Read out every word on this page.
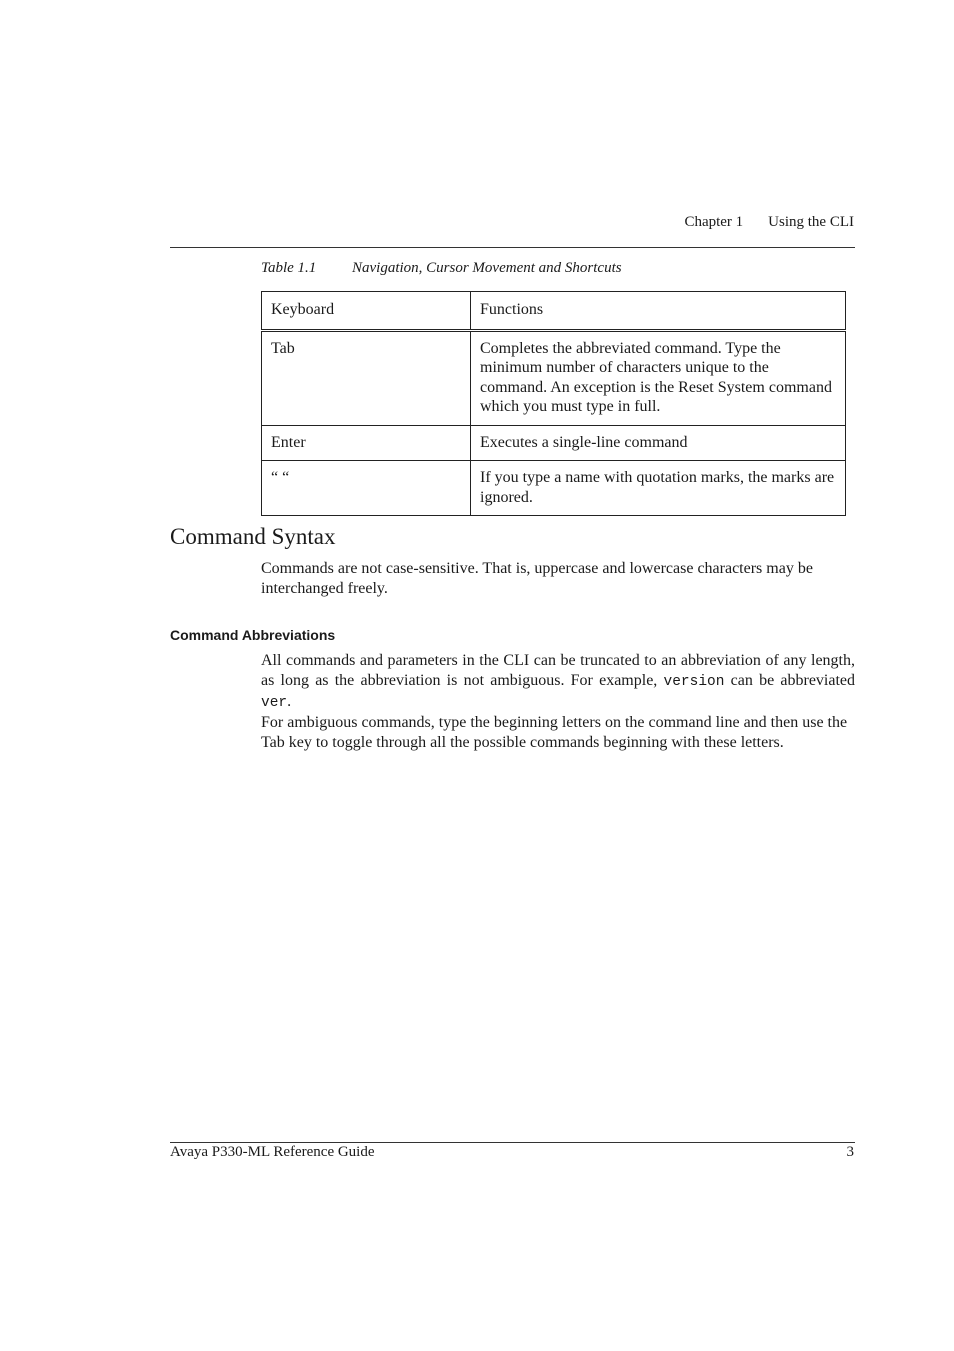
Chapter 1 Using the CLI
Table 1.1 Navigation, Cursor Movement and Shortcuts
Keyboard	Functions
Tab	Completes the abbreviated command. Type the minimum number of characters unique to the command. An exception is the Reset System command which you must type in full.
Enter	Executes a single-line command
“ “	If you type a name with quotation marks, the marks are ignored.
Command Syntax

Commands are not case-sensitive. That is, uppercase and lowercase characters may be interchanged freely.

Command Abbreviations

All commands and parameters in the CLI can be truncated to an abbreviation of any length, as long as the abbreviation is not ambiguous. For example, version can be abbreviated ver.

For ambiguous commands, type the beginning letters on the command line and then use the Tab key to toggle through all the possible commands beginning with these letters.

Avaya P330-ML Reference Guide	3
